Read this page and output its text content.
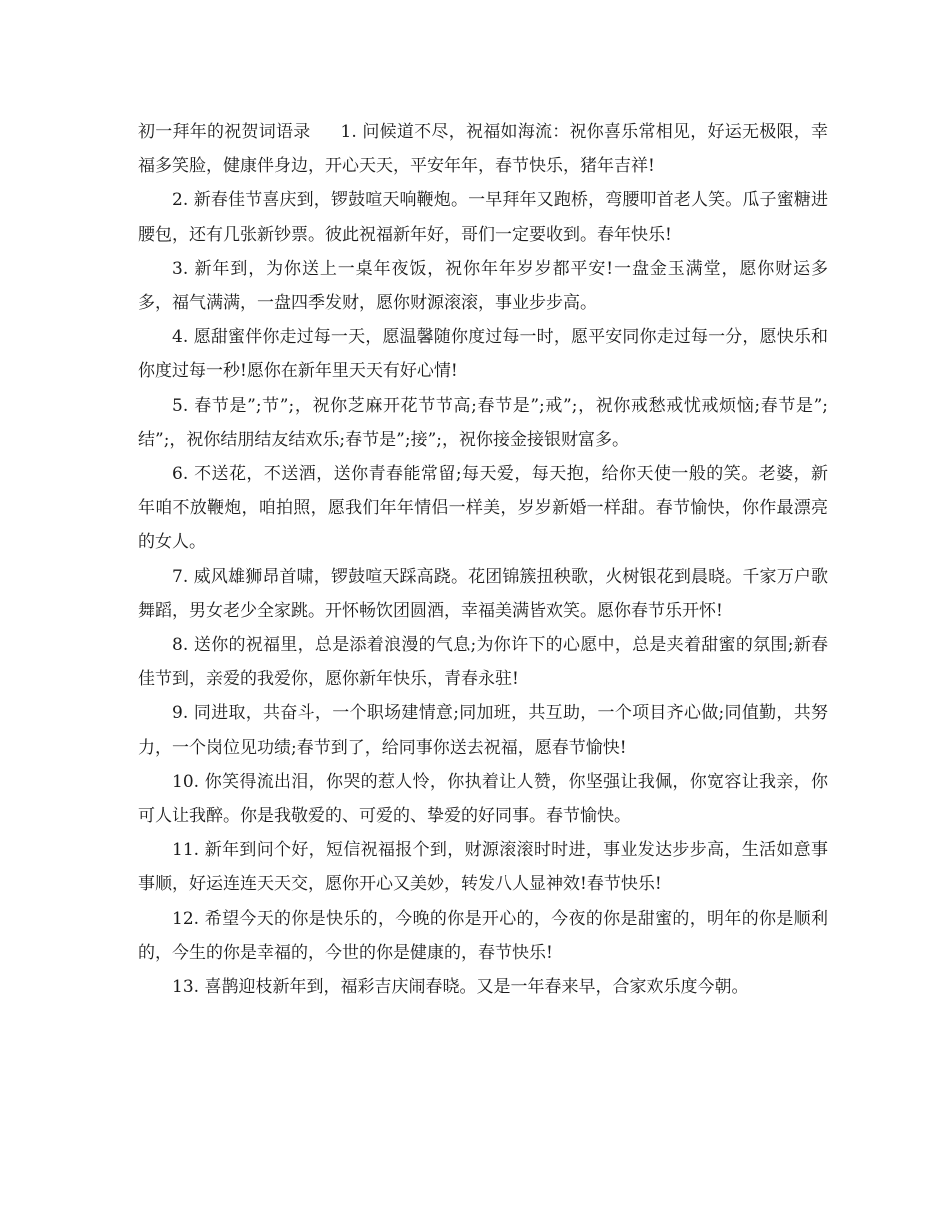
初一拜年的祝贺词语录 1. 问候道不尽，祝福如海流：祝你喜乐常相见，好运无极限，幸福多笑脸，健康伴身边，开心天天，平安年年，春节快乐，猪年吉祥!

2. 新春佳节喜庆到，锣鼓喧天响鞭炮。一早拜年又跑桥，弯腰叩首老人笑。瓜子蜜糖进腰包，还有几张新钞票。彼此祝福新年好，哥们一定要收到。春年快乐!

3. 新年到，为你送上一桌年夜饭，祝你年年岁岁都平安!一盘金玉满堂，愿你财运多多，福气满满，一盘四季发财，愿你财源滚滚，事业步步高。

4. 愿甜蜜伴你走过每一天，愿温馨随你度过每一时，愿平安同你走过每一分，愿快乐和你度过每一秒!愿你在新年里天天有好心情!

5. 春节是”;节”;，祝你芝麻开花节节高;春节是”;戒”;，祝你戒愁戒忧戒烦恼;春节是”;结”;，祝你结朋结友结欢乐;春节是”;接”;，祝你接金接银财富多。

6. 不送花，不送酒，送你青春能常留;每天爱，每天抱，给你天使一般的笑。老婆，新年咱不放鞭炮，咱拍照，愿我们年年情侣一样美，岁岁新婚一样甜。春节愉快，你作最漂亮的女人。

7. 威风雄狮昂首啸，锣鼓喧天踩高跷。花团锦簇扭秧歌，火树银花到晨晓。千家万户歌舞蹈，男女老少全家跳。开怀畅饮团圆酒，幸福美满皆欢笑。愿你春节乐开怀!

8. 送你的祝福里，总是添着浪漫的气息;为你许下的心愿中，总是夹着甜蜜的氛围;新春佳节到，亲爱的我爱你，愿你新年快乐，青春永驻!

9. 同进取，共奋斗，一个职场建情意;同加班，共互助，一个项目齐心做;同值勤，共努力，一个岗位见功绩;春节到了，给同事你送去祝福，愿春节愉快!

10. 你笑得流出泪，你哭的惹人怜，你执着让人赞，你坚强让我佩，你宽容让我亲，你可人让我醉。你是我敬爱的、可爱的、挚爱的好同事。春节愉快。

11. 新年到问个好，短信祝福报个到，财源滚滚时时进，事业发达步步高，生活如意事事顺，好运连连天天交，愿你开心又美妙，转发八人显神效!春节快乐!

12. 希望今天的你是快乐的，今晚的你是开心的，今夜的你是甜蜜的，明年的你是顺利的，今生的你是幸福的，今世的你是健康的，春节快乐!

13. 喜鹊迎枝新年到，福彩吉庆闹春晓。又是一年春来早，合家欢乐度今朝。
